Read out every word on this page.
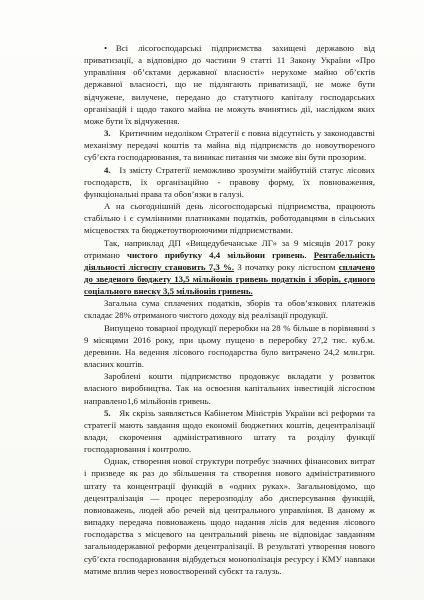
• Всі лісогосподарські підприємства захищені державою від приватизації, а відповідно до частини 9 статті 11 Закону України «Про управління об’єктами державної власності» нерухоме майно об’єктів державної власності, що не підлягають приватизації, не може бути відчужене, вилучене, передано до статутного капіталу господарських організацій і щодо такого майна не можуть вчинятись дії, наслідком яких може бути їх відчуження.

3. Критичним недоліком Стратегії є повна відсутність у законодавстві механізму передачі коштів та майна від підприємств до новоутвореного суб’єкта господарювання, та виникає питання чи зможе він бути прозорим.

4. Із змісту Стратегії неможливо зрозуміти майбутній статус лісових господарств, їх організаційно - правову форму, їх повноваження, функціональні права та обов’язки в галузі.

А на сьогоднішній день лісогосподарські підприємства, працюють стабільно і є сумлінними платниками податків, роботодавцями в сільських місцевостях та бюджетоутворюючими підприємствами.

Так, наприклад ДП «Вищедубечанське ЛГ» за 9 місяців 2017 року отримано чистого прибутку 4,4 мільйони гривень. Рентабельність діяльності лісгоспу становить 7,3 %. З початку року лісгоспом сплачено до зведеного бюджету 13,5 мільйонів гривень податків і зборів, єдиного соціального внеску 3,5 мільйонів гривень.

Загальна сума сплачених податків, зборів та обов’язкових платежів складає 28% отриманого чистого доходу від реалізації продукції.

Випущено товарної продукції переробки на 28 % більше в порівнянні з 9 місяцями 2016 року, при цьому пущено в переробку 27,2 тис. куб.м. деревини. На ведення лісового господарства було витрачено 24,2 млн.грн. власних коштів.

Зароблені кошти підприємство продовжує вкладати у розвиток власного виробництва. Так на освоєння капітальних інвестицій лісгоспом направлено1,6 мільйонів гривень.

5. Як скрізь заявляється Кабінетом Міністрів України всі реформи та стратегії мають завдання щодо економії бюджетних коштів, децентралізації влади, скорочення адміністративного штату та розділу функції господарювання і контролю.

Однак, створення нової структури потребує значних фінансових витрат і призведе як раз до збільшення та створення нового адміністративного штату та концентрації функцій в «одних руках». Загальновідомо, що децентралізація — процес перерозподілу або дисперсування функцій, повноважень, людей або речей від центрального управління. В даному ж випадку передача повноважень щодо надання лісів для ведення лісового господарства з місцевого на центральний рівень не відповідає завданням загальнодержавної реформи децентралізації. В результаті утворення нового суб’єкта господарювання відбудеться монополізація ресурсу і КМУ навпаки матиме вплив через новоствореннй субєкт та галузь.
